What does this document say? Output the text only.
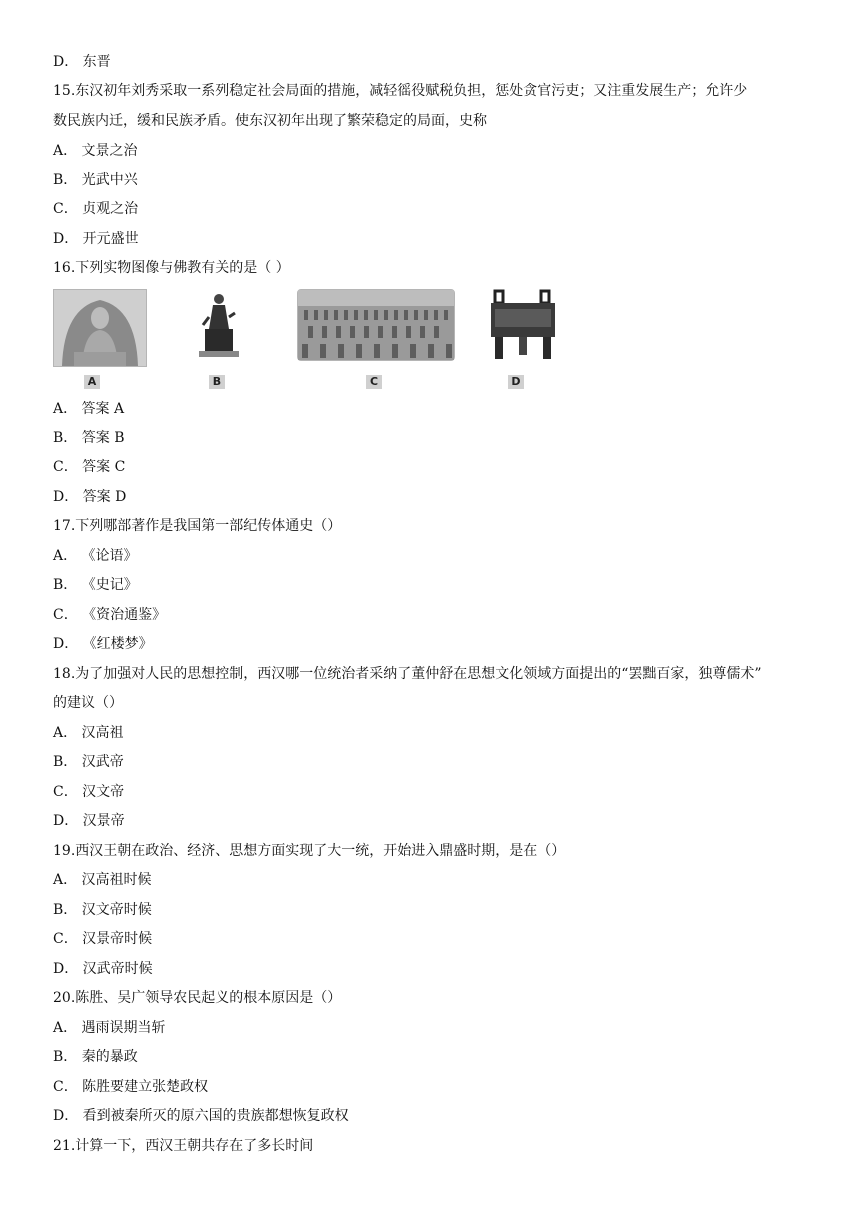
D． 东晋
15.东汉初年刘秀采取一系列稳定社会局面的措施，减轻徭役赋税负担，惩处贪官污吏；又注重发展生产；允许少
数民族内迁，缓和民族矛盾。使东汉初年出现了繁荣稳定的局面，史称
A． 文景之治
B． 光武中兴
C． 贞观之治
D． 开元盛世
16.下列实物图像与佛教有关的是（ ）
A	B	C	D
A． 答案 A
B． 答案 B
C． 答案 C
D． 答案 D
17.下列哪部著作是我国第一部纪传体通史（）
A． 《论语》
B． 《史记》
C． 《资治通鉴》
D． 《红楼梦》
18.为了加强对人民的思想控制，西汉哪一位统治者采纳了董仲舒在思想文化领域方面提出的“罢黜百家，独尊儒术”
的建议（）
A． 汉高祖
B． 汉武帝
C． 汉文帝
D． 汉景帝
19.西汉王朝在政治、经济、思想方面实现了大一统，开始进入鼎盛时期，是在（）
A． 汉高祖时候
B． 汉文帝时候
C． 汉景帝时候
D． 汉武帝时候
20.陈胜、吴广领导农民起义的根本原因是（）
A． 遇雨误期当斩
B． 秦的暴政
C． 陈胜要建立张楚政权
D． 看到被秦所灭的原六国的贵族都想恢复政权
21.计算一下，西汉王朝共存在了多长时间
